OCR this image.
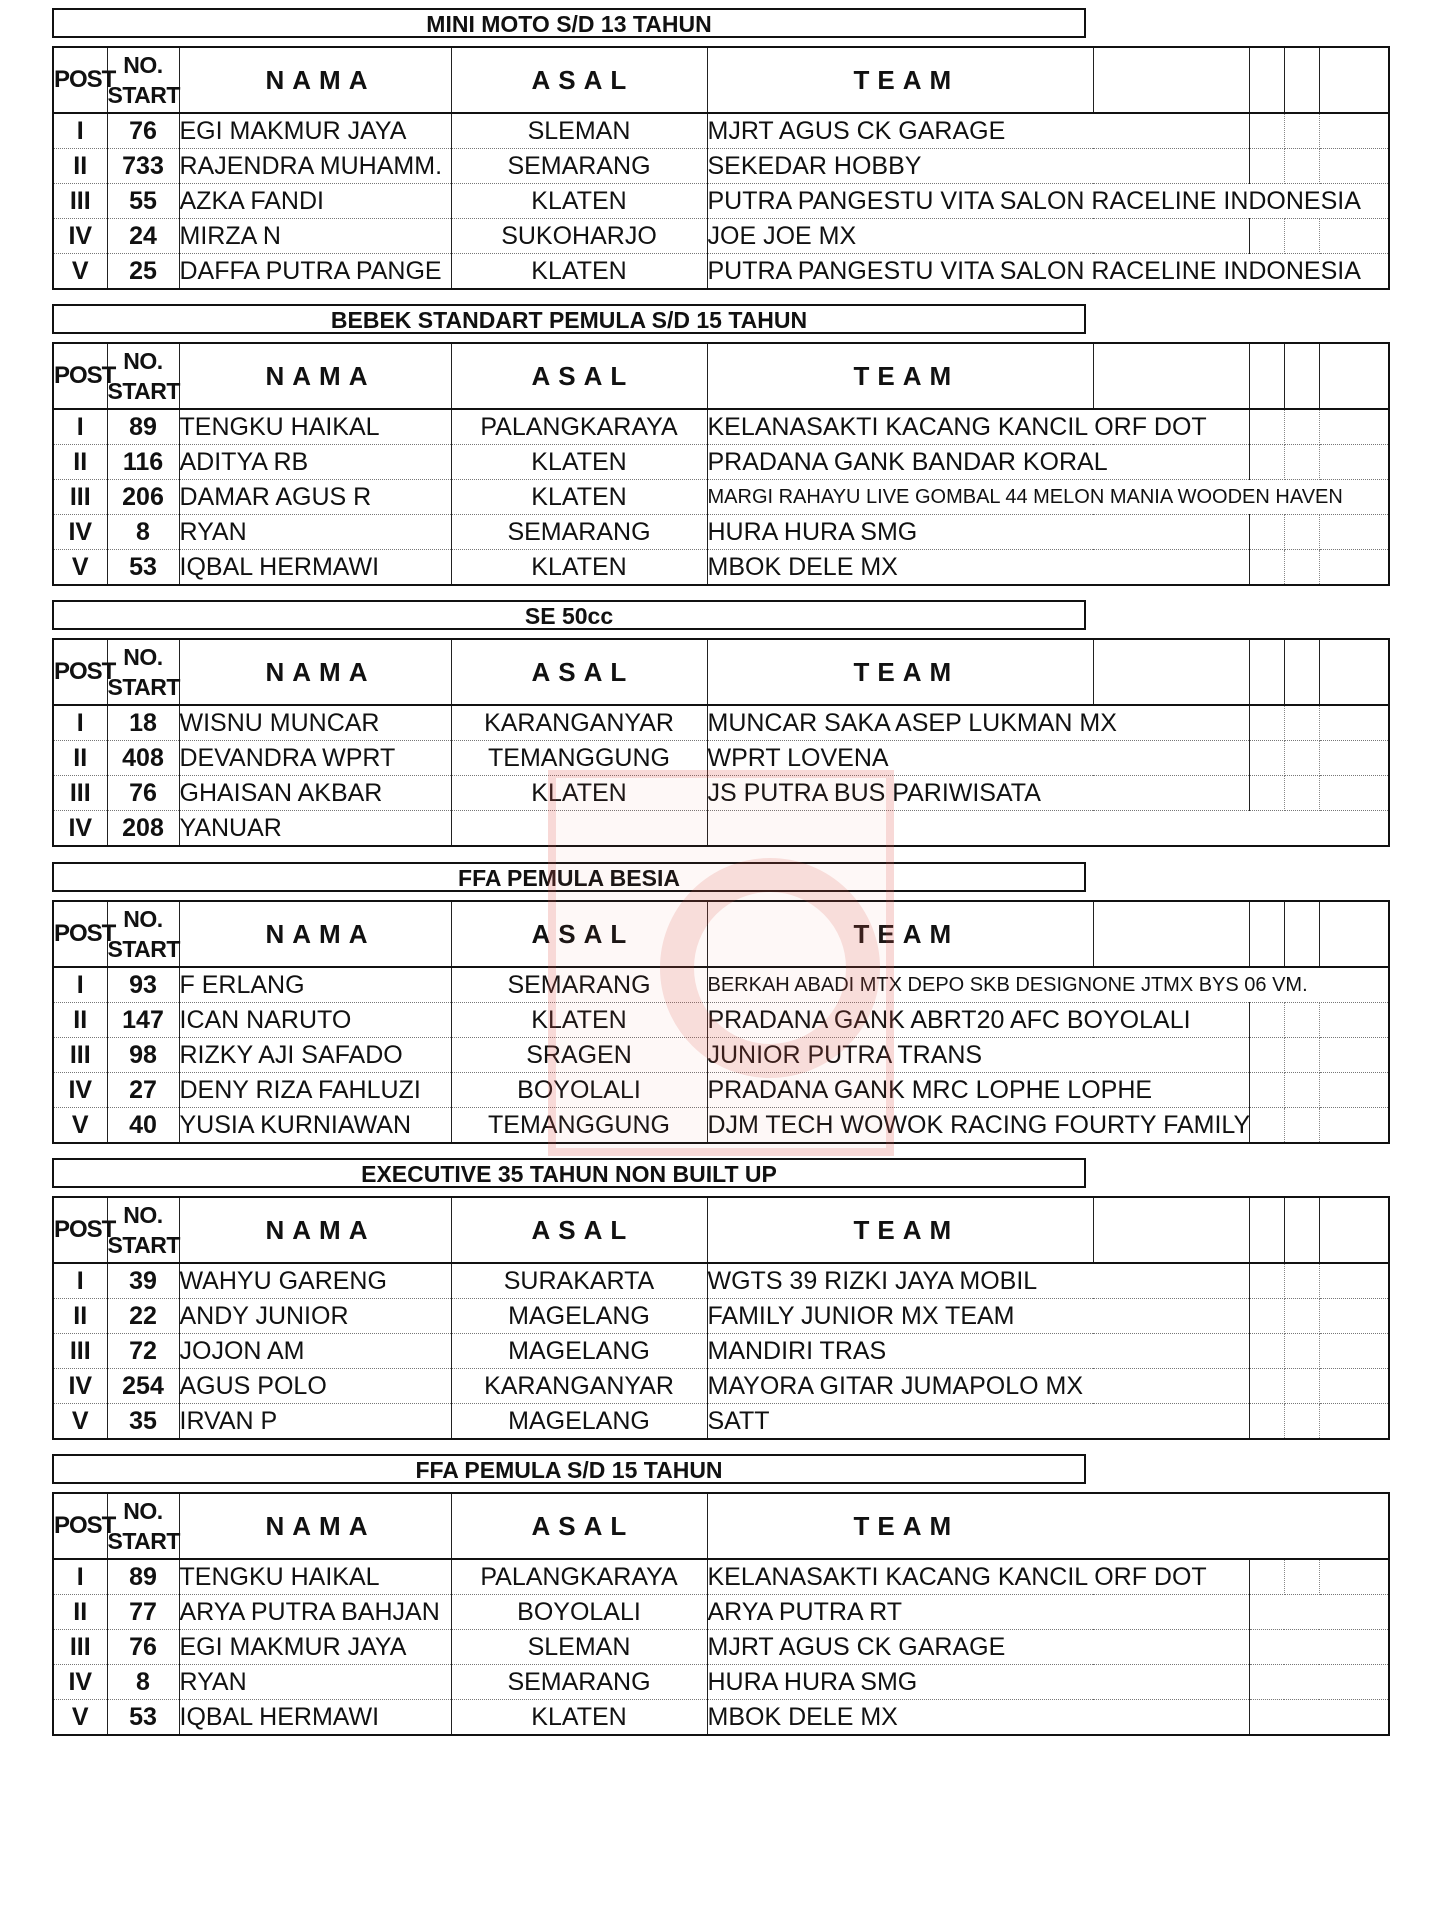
MINI MOTO S/D 13 TAHUN
POST	NO.
START	NAMA	ASAL	TEAM				
I	76	EGI MAKMUR JAYA	SLEMAN	MJRT AGUS CK GARAGE				
II	733	RAJENDRA MUHAMM.	SEMARANG	SEKEDAR HOBBY				
III	55	AZKA FANDI	KLATEN	PUTRA PANGESTU VITA SALON RACELINE INDONESIA				
IV	24	MIRZA N	SUKOHARJO	JOE JOE MX				
V	25	DAFFA PUTRA PANGE	KLATEN	PUTRA PANGESTU VITA SALON RACELINE INDONESIA				
BEBEK STANDART PEMULA S/D 15 TAHUN
POST	NO.
START	NAMA	ASAL	TEAM				
I	89	TENGKU HAIKAL	PALANGKARAYA	KELANASAKTI KACANG KANCIL ORF DOT				
II	116	ADITYA RB	KLATEN	PRADANA GANK BANDAR KORAL				
III	206	DAMAR AGUS R	KLATEN	MARGI RAHAYU LIVE GOMBAL 44 MELON MANIA WOODEN HAVEN				
IV	8	RYAN	SEMARANG	HURA HURA SMG				
V	53	IQBAL HERMAWI	KLATEN	MBOK DELE MX				
SE 50cc
POST	NO.
START	NAMA	ASAL	TEAM				
I	18	WISNU MUNCAR	KARANGANYAR	MUNCAR SAKA ASEP LUKMAN MX				
II	408	DEVANDRA WPRT	TEMANGGUNG	WPRT LOVENA				
III	76	GHAISAN AKBAR	KLATEN	JS PUTRA BUS PARIWISATA				
IV	208	YANUAR						
FFA PEMULA BESIA
POST	NO.
START	NAMA	ASAL	TEAM				
I	93	F ERLANG	SEMARANG	BERKAH ABADI MTX DEPO SKB DESIGNONE JTMX BYS 06 VM.				
II	147	ICAN NARUTO	KLATEN	PRADANA GANK ABRT20 AFC BOYOLALI				
III	98	RIZKY AJI SAFADO	SRAGEN	JUNIOR PUTRA TRANS				
IV	27	DENY RIZA FAHLUZI	BOYOLALI	PRADANA GANK MRC LOPHE LOPHE				
V	40	YUSIA KURNIAWAN	TEMANGGUNG	DJM TECH WOWOK RACING FOURTY FAMILY				
EXECUTIVE 35 TAHUN NON BUILT UP
POST	NO.
START	NAMA	ASAL	TEAM				
I	39	WAHYU GARENG	SURAKARTA	WGTS 39 RIZKI JAYA MOBIL				
II	22	ANDY JUNIOR	MAGELANG	FAMILY JUNIOR MX TEAM				
III	72	JOJON AM	MAGELANG	MANDIRI TRAS				
IV	254	AGUS POLO	KARANGANYAR	MAYORA GITAR JUMAPOLO MX				
V	35	IRVAN P	MAGELANG	SATT				
FFA PEMULA S/D 15 TAHUN
POST	NO.
START	NAMA	ASAL	TEAM			
I	89	TENGKU HAIKAL	PALANGKARAYA	KELANASAKTI KACANG KANCIL ORF DOT			
II	77	ARYA PUTRA BAHJAN	BOYOLALI	ARYA PUTRA RT			
III	76	EGI MAKMUR JAYA	SLEMAN	MJRT AGUS CK GARAGE			
IV	8	RYAN	SEMARANG	HURA HURA SMG			
V	53	IQBAL HERMAWI	KLATEN	MBOK DELE MX			
